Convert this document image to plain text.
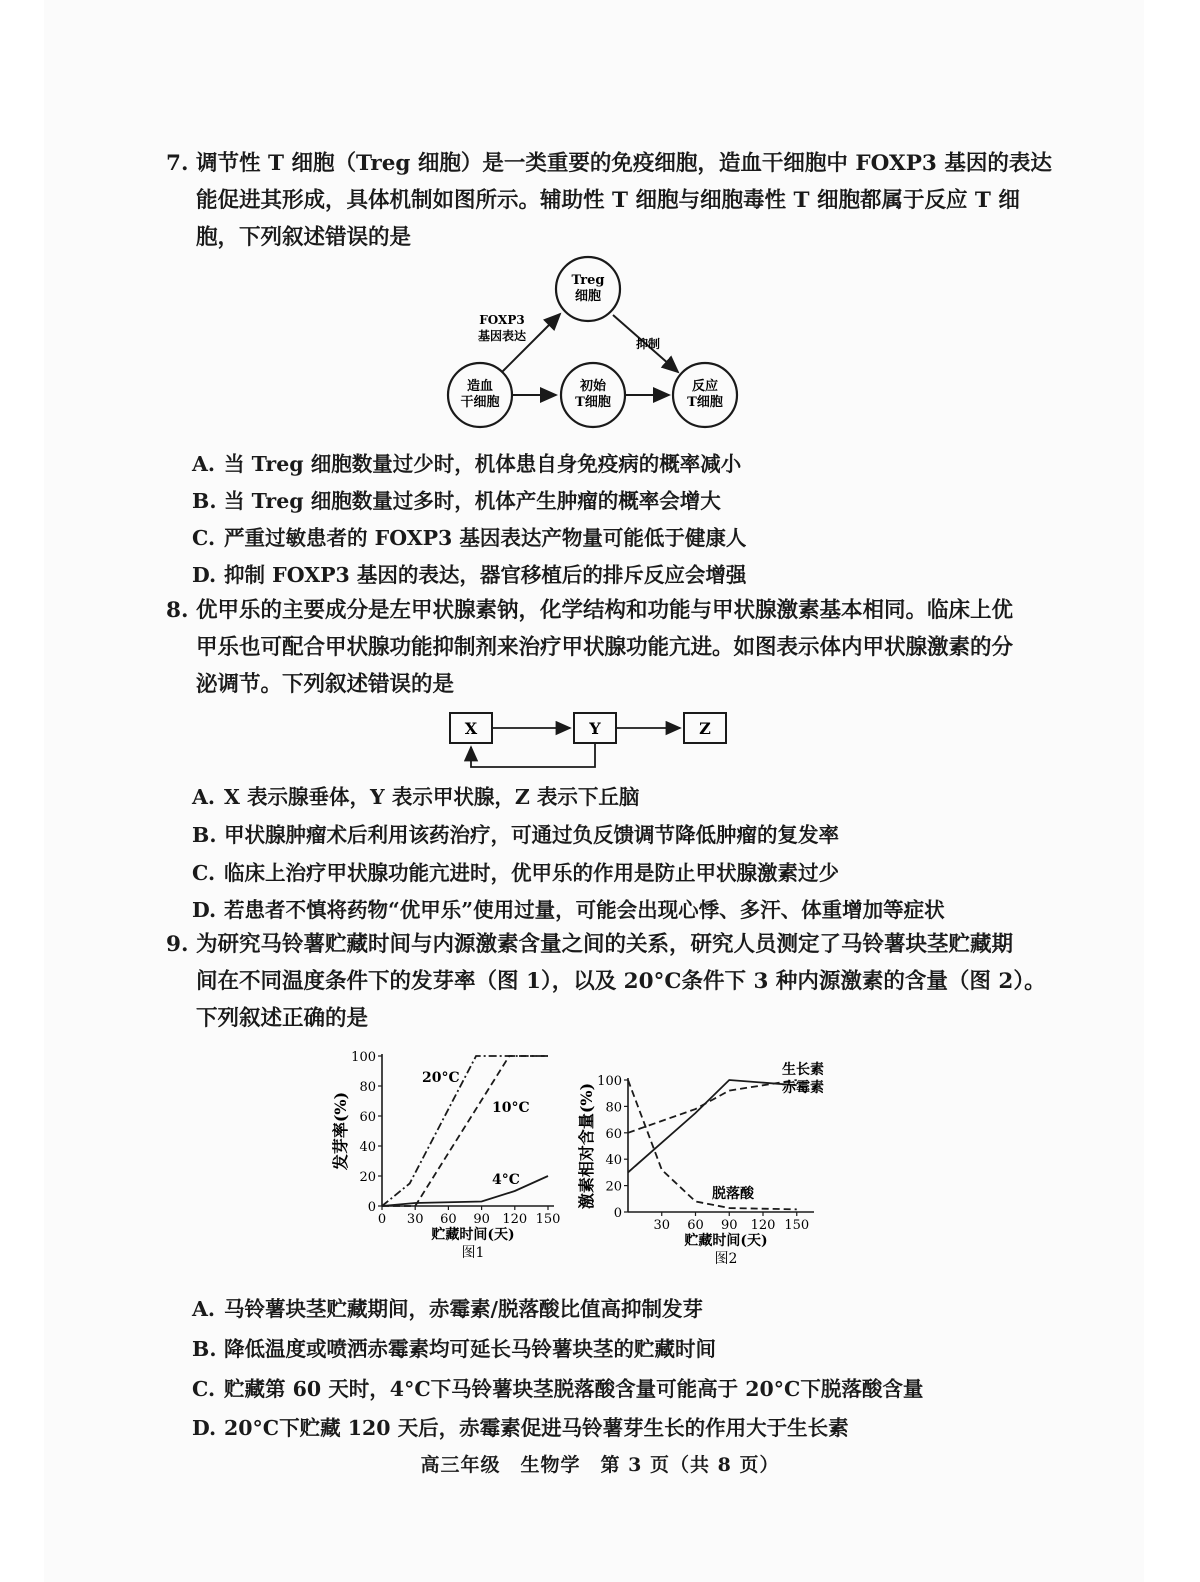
7. 调节性 T 细胞（Treg 细胞）是一类重要的免疫细胞，造血干细胞中 FOXP3 基因的表达
能促进其形成，具体机制如图所示。辅助性 T 细胞与细胞毒性 T 细胞都属于反应 T 细
胞，下列叙述错误的是
Treg
细胞
造血
干细胞
初始
T细胞
反应
T细胞
FOXP3
基因表达
抑制
A. 当 Treg 细胞数量过少时，机体患自身免疫病的概率减小
B. 当 Treg 细胞数量过多时，机体产生肿瘤的概率会增大
C. 严重过敏患者的 FOXP3 基因表达产物量可能低于健康人
D. 抑制 FOXP3 基因的表达，器官移植后的排斥反应会增强
8. 优甲乐的主要成分是左甲状腺素钠，化学结构和功能与甲状腺激素基本相同。临床上优
甲乐也可配合甲状腺功能抑制剂来治疗甲状腺功能亢进。如图表示体内甲状腺激素的分
泌调节。下列叙述错误的是
X	Y	Z
A. X 表示腺垂体，Y 表示甲状腺，Z 表示下丘脑
B. 甲状腺肿瘤术后利用该药治疗，可通过负反馈调节降低肿瘤的复发率
C. 临床上治疗甲状腺功能亢进时，优甲乐的作用是防止甲状腺激素过少
D. 若患者不慎将药物“优甲乐”使用过量，可能会出现心悸、多汗、体重增加等症状
9. 为研究马铃薯贮藏时间与内源激素含量之间的关系，研究人员测定了马铃薯块茎贮藏期
间在不同温度条件下的发芽率（图 1），以及 20°C条件下 3 种内源激素的含量（图 2）。
下列叙述正确的是
0
20
40
60
80
100
0 30 60 90 120 150
贮藏时间(天)
图1
发芽率(%)
20°C
10°C
4°C
0
20
40
60
80
100
30 60 90 120 150
贮藏时间(天)
图2
激素相对含量(%)
生长素
赤霉素
脱落酸
A. 马铃薯块茎贮藏期间，赤霉素/脱落酸比值高抑制发芽
B. 降低温度或喷洒赤霉素均可延长马铃薯块茎的贮藏时间
C. 贮藏第 60 天时，4°C下马铃薯块茎脱落酸含量可能高于 20°C下脱落酸含量
D. 20°C下贮藏 120 天后，赤霉素促进马铃薯芽生长的作用大于生长素
高三年级　生物学　第 3 页（共 8 页）
